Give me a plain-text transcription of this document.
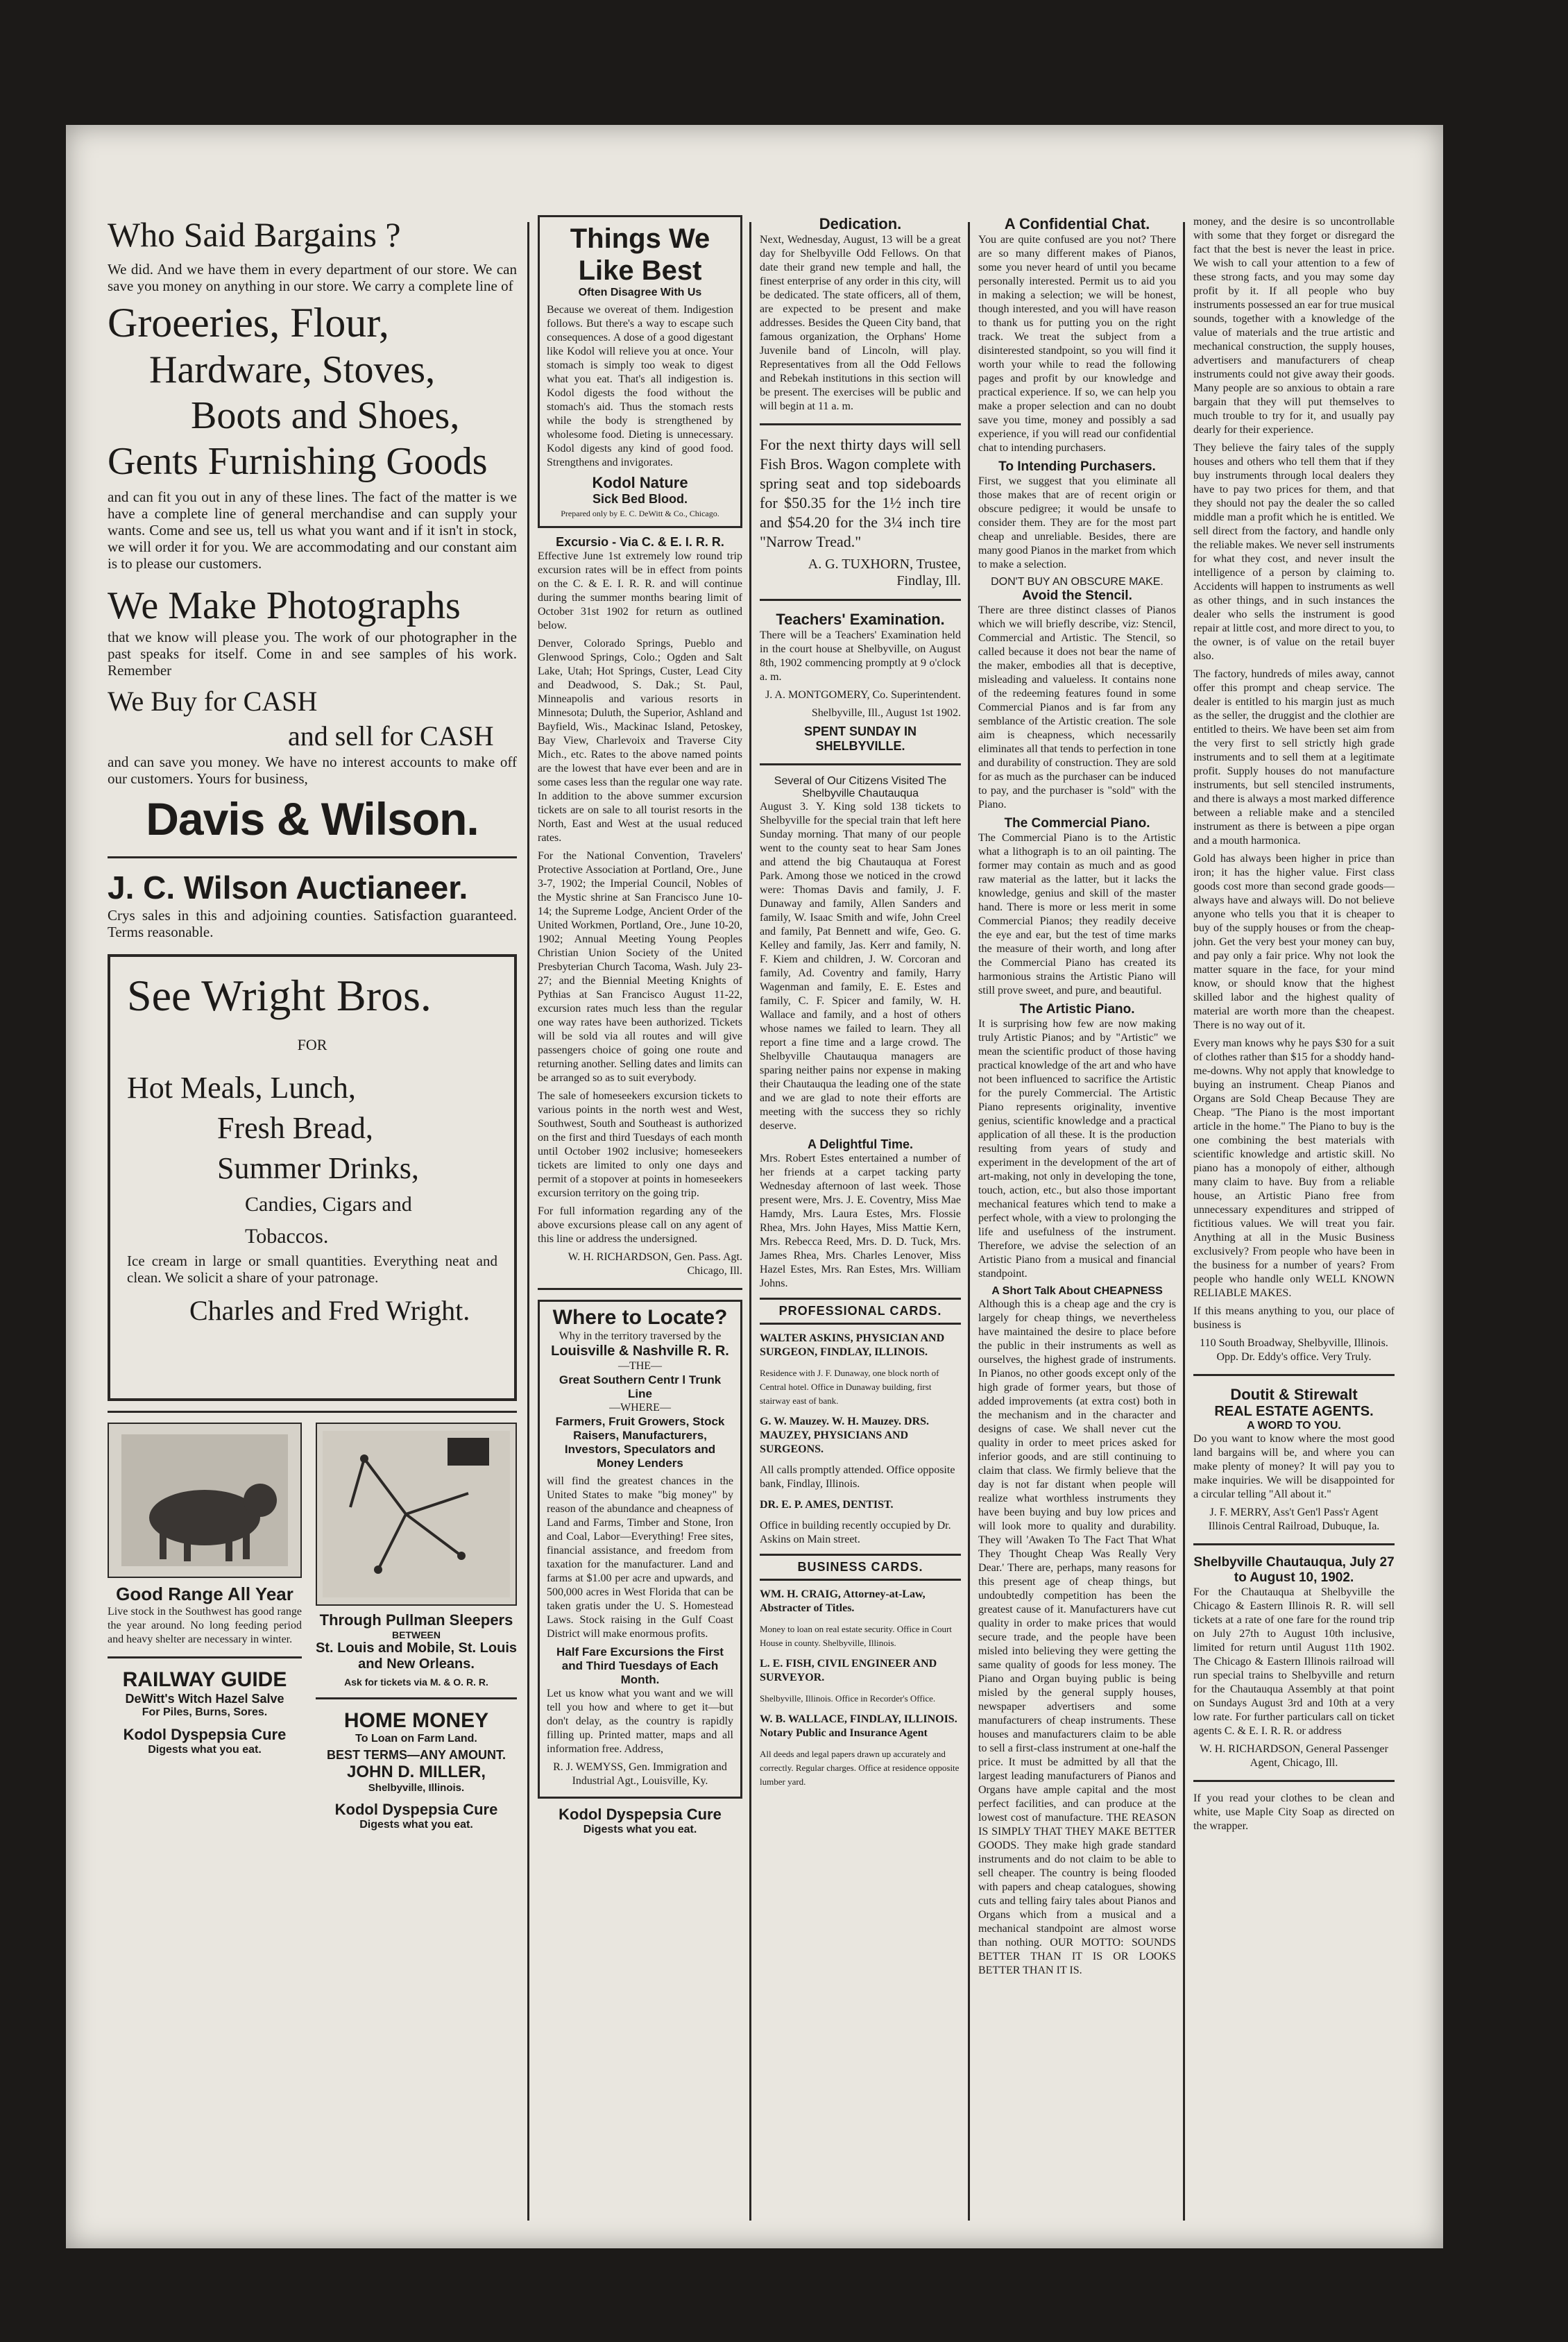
Who Said Bargains ?

We did. And we have them in every department of our store. We can save you money on anything in our store. We carry a complete line of

Groeeries, Flour,
Hardware, Stoves,
Boots and Shoes,
Gents Furnishing Goods

and can fit you out in any of these lines. The fact of the matter is we have a complete line of general merchandise and can supply your wants. Come and see us, tell us what you want and if it isn't in stock, we will order it for you. We are accommodating and our constant aim is to please our customers.

We Make Photographs

that we know will please you. The work of our photographer in the past speaks for itself. Come in and see samples of his work. Remember

We Buy for CASH
and sell for CASH

and can save you money. We have no interest accounts to make off our customers. Yours for business,

Davis & Wilson.
J. C. Wilson Auctianeer.

Crys sales in this and adjoining counties. Satisfaction guaranteed. Terms reasonable.

See Wright Bros.
FOR
Hot Meals, Lunch,
Fresh Bread,
Summer Drinks,
Candies, Cigars and Tobaccos.

Ice cream in large or small quantities. Everything neat and clean. We solicit a share of your patronage.

Charles and Fred Wright.
Good Range All Year

Live stock in the Southwest has good range the year around. No long feeding period and heavy shelter are necessary in winter.

RAILWAY GUIDE
DeWitt's Witch Hazel Salve
For Piles, Burns, Sores.
Kodol Dyspepsia Cure
Digests what you eat.
Through Pullman Sleepers
BETWEEN
St. Louis and Mobile, St. Louis and New Orleans.
Ask for tickets via M. & O. R. R.
HOME MONEY
To Loan on Farm Land.
BEST TERMS—ANY AMOUNT.
JOHN D. MILLER,
Shelbyville, Illinois.
Kodol Dyspepsia Cure
Digests what you eat.
Things We Like Best
Often Disagree With Us

Because we overeat of them. Indigestion follows. But there's a way to escape such consequences. A dose of a good digestant like Kodol will relieve you at once. Your stomach is simply too weak to digest what you eat. That's all indigestion is. Kodol digests the food without the stomach's aid. Thus the stomach rests while the body is strengthened by wholesome food. Dieting is unnecessary. Kodol digests any kind of good food. Strengthens and invigorates.

Kodol Nature
Sick Bed Blood.
Prepared only by E. C. DeWitt & Co., Chicago.
Excursio - Via C. & E. I. R. R.

Effective June 1st extremely low round trip excursion rates will be in effect from points on the C. & E. I. R. R. and will continue during the summer months bearing limit of October 31st 1902 for return as outlined below.

Denver, Colorado Springs, Pueblo and Glenwood Springs, Colo.; Ogden and Salt Lake, Utah; Hot Springs, Custer, Lead City and Deadwood, S. Dak.; St. Paul, Minneapolis and various resorts in Minnesota; Duluth, the Superior, Ashland and Bayfield, Wis., Mackinac Island, Petoskey, Bay View, Charlevoix and Traverse City Mich., etc. Rates to the above named points are the lowest that have ever been and are in some cases less than the regular one way rate. In addition to the above summer excursion tickets are on sale to all tourist resorts in the North, East and West at the usual reduced rates.

For the National Convention, Travelers' Protective Association at Portland, Ore., June 3-7, 1902; the Imperial Council, Nobles of the Mystic shrine at San Francisco June 10-14; the Supreme Lodge, Ancient Order of the United Workmen, Portland, Ore., June 10-20, 1902; Annual Meeting Young Peoples Christian Union Society of the United Presbyterian Church Tacoma, Wash. July 23-27; and the Biennial Meeting Knights of Pythias at San Francisco August 11-22, excursion rates much less than the regular one way rates have been authorized. Tickets will be sold via all routes and will give passengers choice of going one route and returning another. Selling dates and limits can be arranged so as to suit everybody.

The sale of homeseekers excursion tickets to various points in the north west and West, Southwest, South and Southeast is authorized on the first and third Tuesdays of each month until October 1902 inclusive; homeseekers tickets are limited to only one days and permit of a stopover at points in homeseekers excursion territory on the going trip.

For full information regarding any of the above excursions please call on any agent of this line or address the undersigned.

W. H. RICHARDSON, Gen. Pass. Agt. Chicago, Ill.

Where to Locate?
Why in the territory traversed by the
Louisville & Nashville R. R.
—THE—
Great Southern Centr l Trunk Line
—WHERE—
Farmers, Fruit Growers, Stock Raisers, Manufacturers, Investors, Speculators and Money Lenders

will find the greatest chances in the United States to make "big money" by reason of the abundance and cheapness of Land and Farms, Timber and Stone, Iron and Coal, Labor—Everything! Free sites, financial assistance, and freedom from taxation for the manufacturer. Land and farms at $1.00 per acre and upwards, and 500,000 acres in West Florida that can be taken gratis under the U. S. Homestead Laws. Stock raising in the Gulf Coast District will make enormous profits.

Half Fare Excursions the First and Third Tuesdays of Each Month.

Let us know what you want and we will tell you how and where to get it—but don't delay, as the country is rapidly filling up. Printed matter, maps and all information free. Address,

R. J. WEMYSS, Gen. Immigration and Industrial Agt., Louisville, Ky.

Kodol Dyspepsia Cure
Digests what you eat.
Dedication.

Next, Wednesday, August, 13 will be a great day for Shelbyville Odd Fellows. On that date their grand new temple and hall, the finest enterprise of any order in this city, will be dedicated. The state officers, all of them, are expected to be present and make addresses. Besides the Queen City band, that famous organization, the Orphans' Home Juvenile band of Lincoln, will play. Representatives from all the Odd Fellows and Rebekah institutions in this section will be present. The exercises will be public and will begin at 11 a. m.

For the next thirty days will sell Fish Bros. Wagon complete with spring seat and top sideboards for $50.35 for the 1½ inch tire and $54.20 for the 3¼ inch tire "Narrow Tread."

A. G. TUXHORN, Trustee, Findlay, Ill.

Teachers' Examination.

There will be a Teachers' Examination held in the court house at Shelbyville, on August 8th, 1902 commencing promptly at 9 o'clock a. m.

J. A. MONTGOMERY, Co. Superintendent.

Shelbyville, Ill., August 1st 1902.

SPENT SUNDAY IN SHELBYVILLE.
Several of Our Citizens Visited The Shelbyville Chautauqua

August 3. Y. King sold 138 tickets to Shelbyville for the special train that left here Sunday morning. That many of our people went to the county seat to hear Sam Jones and attend the big Chautauqua at Forest Park. Among those we noticed in the crowd were: Thomas Davis and family, J. F. Dunaway and family, Allen Sanders and family, W. Isaac Smith and wife, John Creel and family, Pat Bennett and wife, Geo. G. Kelley and family, Jas. Kerr and family, N. F. Kiem and children, J. W. Corcoran and family, Ad. Coventry and family, Harry Wagenman and family, E. E. Estes and family, C. F. Spicer and family, W. H. Wallace and family, and a host of others whose names we failed to learn. They all report a fine time and a large crowd. The Shelbyville Chautauqua managers are sparing neither pains nor expense in making their Chautauqua the leading one of the state and we are glad to note their efforts are meeting with the success they so richly deserve.

A Delightful Time.

Mrs. Robert Estes entertained a number of her friends at a carpet tacking party Wednesday afternoon of last week. Those present were, Mrs. J. E. Coventry, Miss Mae Hamdy, Mrs. Laura Estes, Mrs. Flossie Rhea, Mrs. John Hayes, Miss Mattie Kern, Mrs. Rebecca Reed, Mrs. D. D. Tuck, Mrs. James Rhea, Mrs. Charles Lenover, Miss Hazel Estes, Mrs. Ran Estes, Mrs. William Johns.

PROFESSIONAL CARDS.
WALTER ASKINS, PHYSICIAN AND SURGEON, FINDLAY, ILLINOIS.
Residence with J. F. Dunaway, one block north of Central hotel. Office in Dunaway building, first stairway east of bank.
G. W. Mauzey. W. H. Mauzey. DRS. MAUZEY, PHYSICIANS AND SURGEONS.
All calls promptly attended. Office opposite bank, Findlay, Illinois.
DR. E. P. AMES, DENTIST.
Office in building recently occupied by Dr. Askins on Main street.
BUSINESS CARDS.
WM. H. CRAIG, Attorney-at-Law, Abstracter of Titles.
Money to loan on real estate security. Office in Court House in county. Shelbyville, Illinois.
L. E. FISH, CIVIL ENGINEER AND SURVEYOR.
Shelbyville, Illinois. Office in Recorder's Office.
W. B. WALLACE, FINDLAY, ILLINOIS. Notary Public and Insurance Agent
All deeds and legal papers drawn up accurately and correctly. Regular charges. Office at residence opposite lumber yard.
A Confidential Chat.

You are quite confused are you not? There are so many different makes of Pianos, some you never heard of until you became personally interested. Permit us to aid you in making a selection; we will be honest, though interested, and you will have reason to thank us for putting you on the right track. We treat the subject from a disinterested standpoint, so you will find it worth your while to read the following pages and profit by our knowledge and practical experience. If so, we can help you make a proper selection and can no doubt save you time, money and possibly a sad experience, if you will read our confidential chat to intending purchasers.

To Intending Purchasers.

First, we suggest that you eliminate all those makes that are of recent origin or obscure pedigree; it would be unsafe to consider them. They are for the most part cheap and unreliable. Besides, there are many good Pianos in the market from which to make a selection.

DON'T BUY AN OBSCURE MAKE.
Avoid the Stencil.

There are three distinct classes of Pianos which we will briefly describe, viz: Stencil, Commercial and Artistic. The Stencil, so called because it does not bear the name of the maker, embodies all that is deceptive, misleading and valueless. It contains none of the redeeming features found in some Commercial Pianos and is far from any semblance of the Artistic creation. The sole aim is cheapness, which necessarily eliminates all that tends to perfection in tone and durability of construction. They are sold for as much as the purchaser can be induced to pay, and the purchaser is "sold" with the Piano.

The Commercial Piano.

The Commercial Piano is to the Artistic what a lithograph is to an oil painting. The former may contain as much and as good raw material as the latter, but it lacks the knowledge, genius and skill of the master hand. There is more or less merit in some Commercial Pianos; they readily deceive the eye and ear, but the test of time marks the measure of their worth, and long after the Commercial Piano has created its harmonious strains the Artistic Piano will still prove sweet, and pure, and beautiful.

The Artistic Piano.

It is surprising how few are now making truly Artistic Pianos; and by "Artistic" we mean the scientific product of those having practical knowledge of the art and who have not been influenced to sacrifice the Artistic for the purely Commercial. The Artistic Piano represents originality, inventive genius, scientific knowledge and a practical application of all these. It is the production resulting from years of study and experiment in the development of the art of art-making, not only in developing the tone, touch, action, etc., but also those important mechanical features which tend to make a perfect whole, with a view to prolonging the life and usefulness of the instrument. Therefore, we advise the selection of an Artistic Piano from a musical and financial standpoint.

A Short Talk About CHEAPNESS

Although this is a cheap age and the cry is largely for cheap things, we nevertheless have maintained the desire to place before the public in their instruments as well as ourselves, the highest grade of instruments. In Pianos, no other goods except only of the high grade of former years, but those of added improvements (at extra cost) both in the mechanism and in the character and designs of case. We shall never cut the quality in order to meet prices asked for inferior goods, and are still continuing to claim that class. We firmly believe that the day is not far distant when people will realize what worthless instruments they have been buying and buy low prices and will look more to quality and durability. They will 'Awaken To The Fact That What They Thought Cheap Was Really Very Dear.' There are, perhaps, many reasons for this present age of cheap things, but undoubtedly competition has been the greatest cause of it. Manufacturers have cut quality in order to make prices that would secure trade, and the people have been misled into believing they were getting the same quality of goods for less money. The Piano and Organ buying public is being misled by the general supply houses, newspaper advertisers and some manufacturers of cheap instruments. These houses and manufacturers claim to be able to sell a first-class instrument at one-half the price. It must be admitted by all that the largest leading manufacturers of Pianos and Organs have ample capital and the most perfect facilities, and can produce at the lowest cost of manufacture. THE REASON IS SIMPLY THAT THEY MAKE BETTER GOODS. They make high grade standard instruments and do not claim to be able to sell cheaper. The country is being flooded with papers and cheap catalogues, showing cuts and telling fairy tales about Pianos and Organs which from a musical and a mechanical standpoint are almost worse than nothing. OUR MOTTO: SOUNDS BETTER THAN IT IS OR LOOKS BETTER THAN IT IS.

money, and the desire is so uncontrollable with some that they forget or disregard the fact that the best is never the least in price. We wish to call your attention to a few of these strong facts, and you may some day profit by it. If all people who buy instruments possessed an ear for true musical sounds, together with a knowledge of the value of materials and the true artistic and mechanical construction, the supply houses, advertisers and manufacturers of cheap instruments could not give away their goods. Many people are so anxious to obtain a rare bargain that they will put themselves to much trouble to try for it, and usually pay dearly for their experience.

They believe the fairy tales of the supply houses and others who tell them that if they buy instruments through local dealers they have to pay two prices for them, and that they should not pay the dealer the so called middle man a profit which he is entitled. We sell direct from the factory, and handle only the reliable makes. We never sell instruments for what they cost, and never insult the intelligence of a person by claiming to. Accidents will happen to instruments as well as other things, and in such instances the dealer who sells the instrument is good repair at little cost, and more direct to you, to the owner, is of value on the retail buyer also.

The factory, hundreds of miles away, cannot offer this prompt and cheap service. The dealer is entitled to his margin just as much as the seller, the druggist and the clothier are entitled to theirs. We have been set aim from the very first to sell strictly high grade instruments and to sell them at a legitimate profit. Supply houses do not manufacture instruments, but sell stenciled instruments, and there is always a most marked difference between a reliable make and a stenciled instrument as there is between a pipe organ and a mouth harmonica.

Gold has always been higher in price than iron; it has the higher value. First class goods cost more than second grade goods—always have and always will. Do not believe anyone who tells you that it is cheaper to buy of the supply houses or from the cheap-john. Get the very best your money can buy, and pay only a fair price. Why not look the matter square in the face, for your mind know, or should know that the highest skilled labor and the highest quality of material are worth more than the cheapest. There is no way out of it.

Every man knows why he pays $30 for a suit of clothes rather than $15 for a shoddy hand-me-downs. Why not apply that knowledge to buying an instrument. Cheap Pianos and Organs are Sold Cheap Because They are Cheap. "The Piano is the most important article in the home." The Piano to buy is the one combining the best materials with scientific knowledge and artistic skill. No piano has a monopoly of either, although many claim to have. Buy from a reliable house, an Artistic Piano free from unnecessary expenditures and stripped of fictitious values. We will treat you fair. Anything at all in the Music Business exclusively? From people who have been in the business for a number of years? From people who handle only WELL KNOWN RELIABLE MAKES.

If this means anything to you, our place of business is

110 South Broadway, Shelbyville, Illinois. Opp. Dr. Eddy's office. Very Truly.

Doutit & Stirewalt
REAL ESTATE AGENTS.
A WORD TO YOU.

Do you want to know where the most good land bargains will be, and where you can make plenty of money? It will pay you to make inquiries. We will be disappointed for a circular telling "All about it."

J. F. MERRY, Ass't Gen'l Pass'r Agent Illinois Central Railroad, Dubuque, Ia.

Shelbyville Chautauqua, July 27 to August 10, 1902.

For the Chautauqua at Shelbyville the Chicago & Eastern Illinois R. R. will sell tickets at a rate of one fare for the round trip on July 27th to August 10th inclusive, limited for return until August 11th 1902. The Chicago & Eastern Illinois railroad will run special trains to Shelbyville and return for the Chautauqua Assembly at that point on Sundays August 3rd and 10th at a very low rate. For further particulars call on ticket agents C. & E. I. R. R. or address

W. H. RICHARDSON, General Passenger Agent, Chicago, Ill.

If you read your clothes to be clean and white, use Maple City Soap as directed on the wrapper.
